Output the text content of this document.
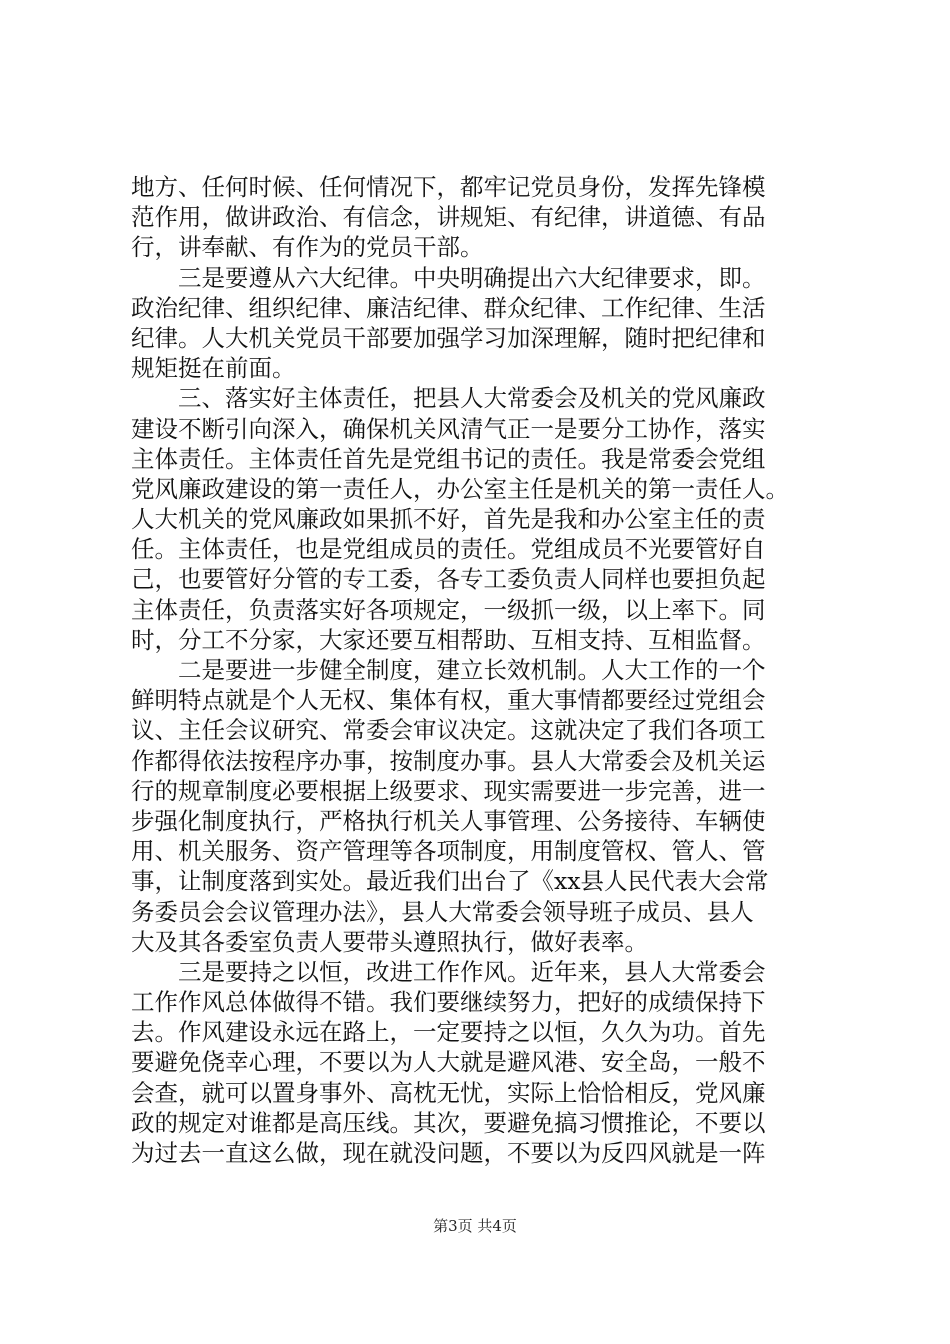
地方、任何时候、任何情况下，都牢记党员身份，发挥先锋模
范作用，做讲政治、有信念，讲规矩、有纪律，讲道德、有品
行，讲奉献、有作为的党员干部。
　　三是要遵从六大纪律。中央明确提出六大纪律要求，即。
政治纪律、组织纪律、廉洁纪律、群众纪律、工作纪律、生活
纪律。人大机关党员干部要加强学习加深理解，随时把纪律和
规矩挺在前面。
　　三、落实好主体责任，把县人大常委会及机关的党风廉政
建设不断引向深入，确保机关风清气正一是要分工协作，落实
主体责任。主体责任首先是党组书记的责任。我是常委会党组
党风廉政建设的第一责任人，办公室主任是机关的第一责任人。
人大机关的党风廉政如果抓不好，首先是我和办公室主任的责
任。主体责任，也是党组成员的责任。党组成员不光要管好自
己，也要管好分管的专工委，各专工委负责人同样也要担负起
主体责任，负责落实好各项规定，一级抓一级，以上率下。同
时，分工不分家，大家还要互相帮助、互相支持、互相监督。
　　二是要进一步健全制度，建立长效机制。人大工作的一个
鲜明特点就是个人无权、集体有权，重大事情都要经过党组会
议、主任会议研究、常委会审议决定。这就决定了我们各项工
作都得依法按程序办事，按制度办事。县人大常委会及机关运
行的规章制度必要根据上级要求、现实需要进一步完善，进一
步强化制度执行，严格执行机关人事管理、公务接待、车辆使
用、机关服务、资产管理等各项制度，用制度管权、管人、管
事，让制度落到实处。最近我们出台了《xx县人民代表大会常
务委员会会议管理办法》，县人大常委会领导班子成员、县人
大及其各委室负责人要带头遵照执行，做好表率。
　　三是要持之以恒，改进工作作风。近年来，县人大常委会
工作作风总体做得不错。我们要继续努力，把好的成绩保持下
去。作风建设永远在路上，一定要持之以恒，久久为功。首先
要避免侥幸心理，不要以为人大就是避风港、安全岛，一般不
会查，就可以置身事外、高枕无忧，实际上恰恰相反，党风廉
政的规定对谁都是高压线。其次，要避免搞习惯推论，不要以
为过去一直这么做，现在就没问题，不要以为反四风就是一阵
第3页 共4页
